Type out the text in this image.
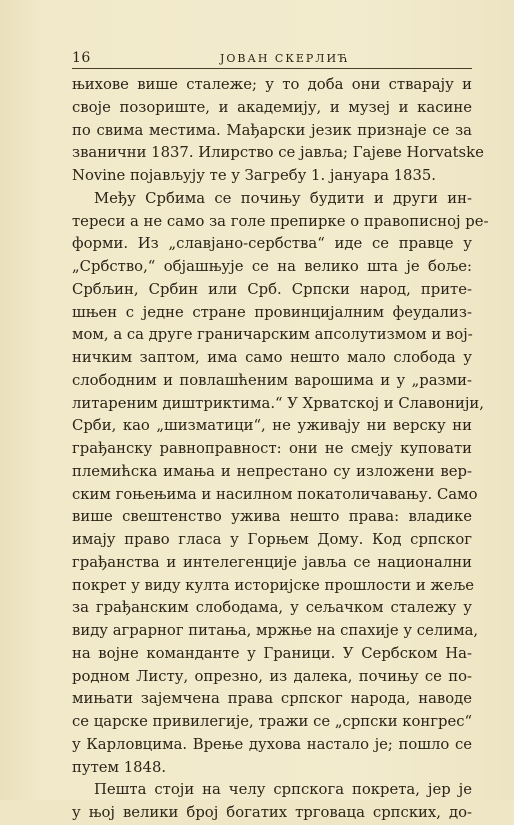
16	ЈОВАН СКЕРЛИЋ
њихове више сталеже; у то доба они стварају и
своје позориште, и академију, и музеј и касине
по свима местима. Мађарски језик признаје се за
званични 1837. Илирство се јавља; Гајеве Horvatske
Novine појављују те у Загребу 1. јануара 1835.
Међу Србима се почињу будити и други ин-
тереси а не само за голе препирке о правописној ре-
форми. Из „славјано-сербства“ иде се правце у
„Србство,“ објашњује се на велико шта је боље:
Србљин, Србин или Срб. Српски народ, прите-
шњен с једне стране провинцијалним феудализ-
мом, а са друге граничарским апсолутизмом и вој-
ничким заптом, има само нешто мало слобода у
слободним и повлашћеним варошима и у „разми-
литареним диштриктима.“ У Хрватској и Славонији,
Срби, као „шизматици“, не уживају ни верску ни
грађанску равноправност: они не смеју куповати
племићска имања и непрестано су изложени вер-
ским гоњењима и насилном покатоличавању. Само
више свештенство ужива нешто права: владике
имају право гласа у Горњем Дому. Код српског
грађанства и интелегенције јавља се национални
покрет у виду култа историјске прошлости и жеље
за грађанским слободама, у сељачком сталежу у
виду аграрног питања, мржње на спахије у селима,
на војне команданте у Граници. У Сербском На-
родном Листу, опрезно, из далека, почињу се по-
мињати зајемчена права српског народа, наводе
се царске привилегије, тражи се „српски конгрес“
у Карловцима. Врење духова настало је; пошло се
путем 1848.
Пешта стоји на челу српскога покрета, јер је
у њој велики број богатих трговаца српских, до-
